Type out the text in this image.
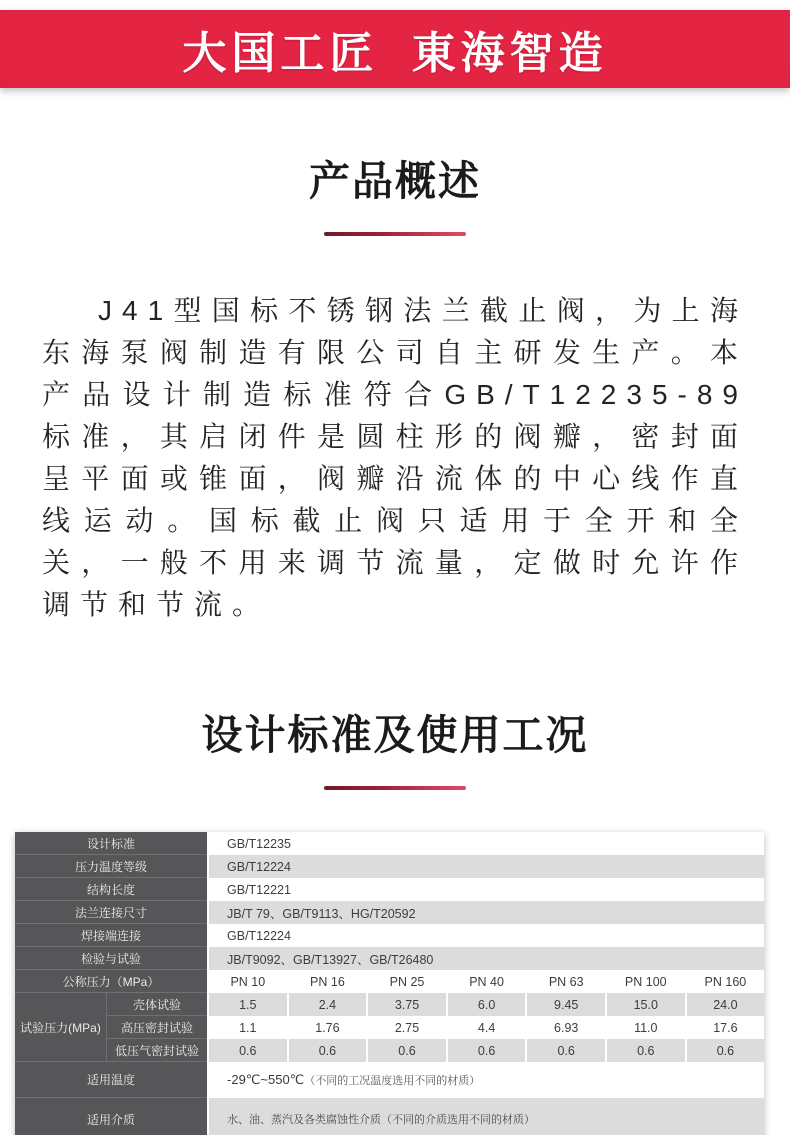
大国工匠 東海智造
产品概述

J41型国标不锈钢法兰截止阀，为上海东海泵阀制造有限公司自主研发生产。本产品设计制造标准符合GB/T12235-89标准，其启闭件是圆柱形的阀瓣，密封面呈平面或锥面，阀瓣沿流体的中心线作直线运动。国标截止阀只适用于全开和全关，一般不用来调节流量，定做时允许作调节和节流。

设计标准及使用工况
设计标准		GB/T12235						
压力温度等级		GB/T12224						
结构长度		GB/T12221						
法兰连接尺寸		JB/T 79、GB/T9113、HG/T20592						
焊接端连接		GB/T12224						
检验与试验		JB/T9092、GB/T13927、GB/T26480						
公称压力（MPa）		PN 10	PN 16	PN 25	PN 40	PN 63	PN 100	PN 160
试验压力(MPa)	壳体试验	1.5	2.4	3.75	6.0	9.45	15.0	24.0
	高压密封试验	1.1	1.76	2.75	4.4	6.93	11.0	17.6
	低压气密封试验	0.6	0.6	0.6	0.6	0.6	0.6	0.6
适用温度		-29℃~550℃（不同的工况温度选用不同的材质）						
适用介质		水、油、蒸汽及各类腐蚀性介质（不同的介质选用不同的材质）						
